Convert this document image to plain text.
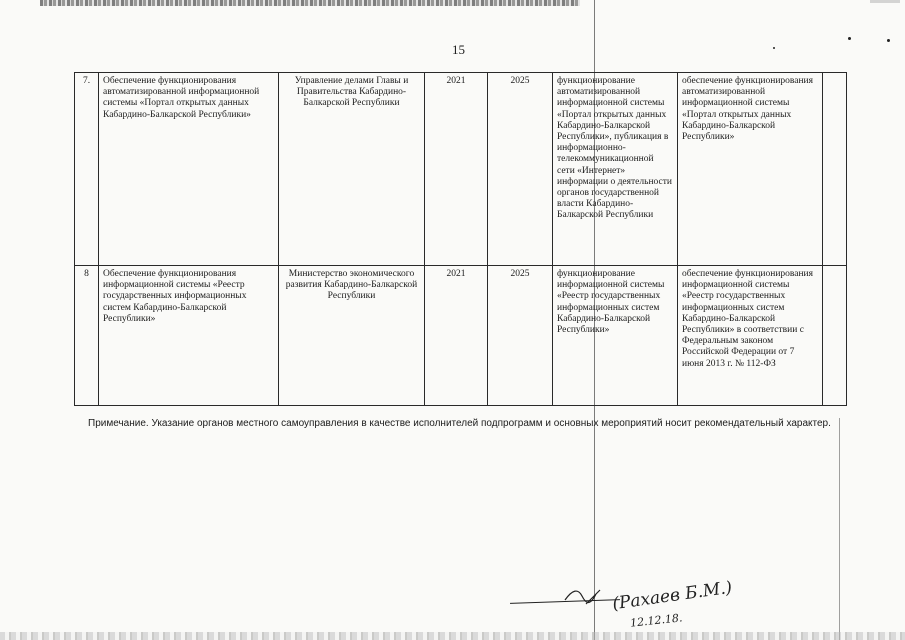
15
7.	Обеспечение функционирования автоматизированной информационной системы «Портал открытых данных Кабардино-Балкарской Республики»	Управление делами Главы и Правительства Кабардино-Балкарской Республики	2021	2025	функционирование автоматизированной информационной системы «Портал открытых данных Кабардино-Балкарской Республики», публикация в информационно-телекоммуникационной сети «Интернет» информации о деятельности органов государственной власти Кабардино-Балкарской Республики	обеспечение функционирования автоматизированной информационной системы «Портал открытых данных Кабардино-Балкарской Республики»	
8	Обеспечение функционирования информационной системы «Реестр государственных информационных систем Кабардино-Балкарской Республики»	Министерство экономического развития Кабардино-Балкарской Республики	2021	2025	функционирование информационной системы «Реестр государственных информационных систем Кабардино-Балкарской Республики»	обеспечение функционирования информационной системы «Реестр государственных информационных систем Кабардино-Балкарской Республики» в соответствии с Федеральным законом Российской Федерации от 7 июня 2013 г. № 112-ФЗ	
Примечание. Указание органов местного самоуправления в качестве исполнителей подпрограмм и основных мероприятий носит рекомендательный характер.
(Рахаев Б.М.)
12.12.18.
